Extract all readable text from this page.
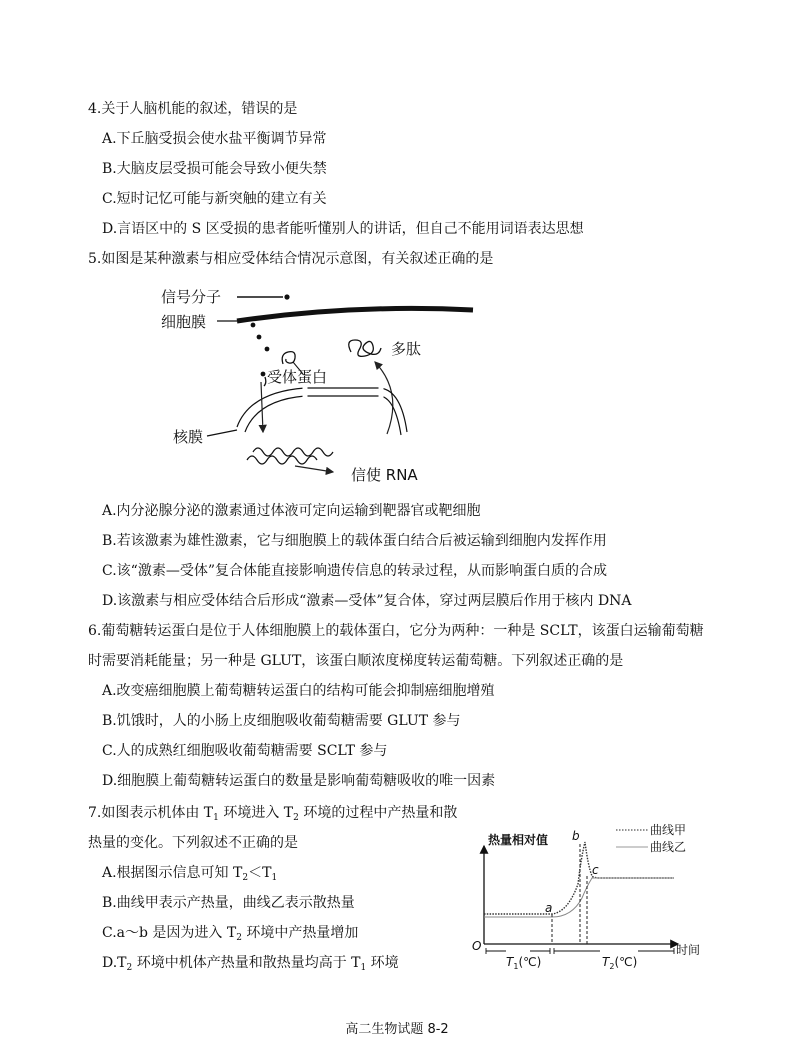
4.关于人脑机能的叙述，错误的是
A.下丘脑受损会使水盐平衡调节异常
B.大脑皮层受损可能会导致小便失禁
C.短时记忆可能与新突触的建立有关
D.言语区中的 S 区受损的患者能听懂别人的讲话，但自己不能用词语表达思想
5.如图是某种激素与相应受体结合情况示意图，有关叙述正确的是
信号分子
细胞膜
受体蛋白
多肽
核膜
信使 RNA
A.内分泌腺分泌的激素通过体液可定向运输到靶器官或靶细胞
B.若该激素为雄性激素，它与细胞膜上的载体蛋白结合后被运输到细胞内发挥作用
C.该“激素—受体”复合体能直接影响遗传信息的转录过程，从而影响蛋白质的合成
D.该激素与相应受体结合后形成“激素—受体”复合体，穿过两层膜后作用于核内 DNA
6.葡萄糖转运蛋白是位于人体细胞膜上的载体蛋白，它分为两种：一种是 SCLT，该蛋白运输葡萄糖
时需要消耗能量；另一种是 GLUT，该蛋白顺浓度梯度转运葡萄糖。下列叙述正确的是
A.改变癌细胞膜上葡萄糖转运蛋白的结构可能会抑制癌细胞增殖
B.饥饿时，人的小肠上皮细胞吸收葡萄糖需要 GLUT 参与
C.人的成熟红细胞吸收葡萄糖需要 SCLT 参与
D.细胞膜上葡萄糖转运蛋白的数量是影响葡萄糖吸收的唯一因素
7.如图表示机体由 $T_1$ 环境进入 $T_2$ 环境的过程中产热量和散
热量的变化。下列叙述不正确的是
A.根据图示信息可知 $T_2<T_1$
B.曲线甲表示产热量，曲线乙表示散热量
C.a～b 是因为进入 $T_2$ 环境中产热量增加
$D.T_2$ 环境中机体产热量和散热量均高于 $T_1$ 环境
热量相对值
时间
O
曲线甲
曲线乙
a
b
c
$T_1(℃)$	$T_2(℃)$
高二生物试题 8-2
